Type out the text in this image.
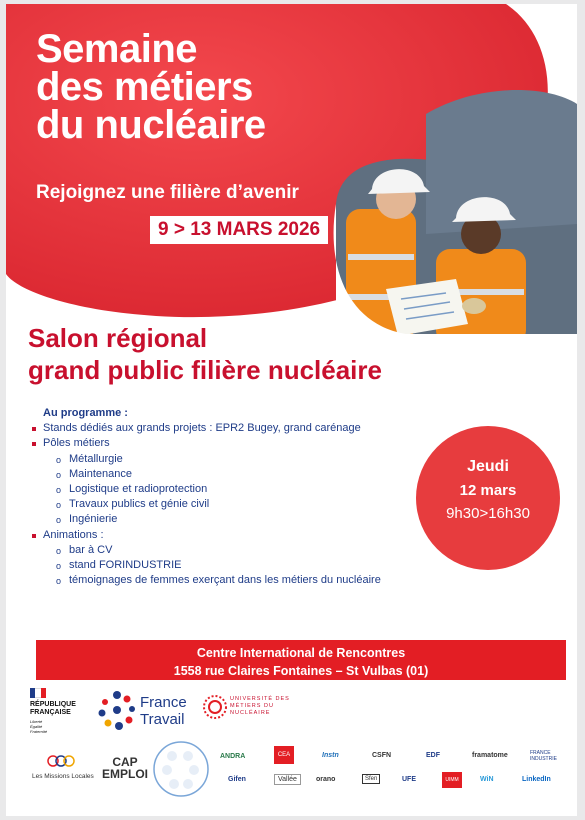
Semaine
des métiers
du nucléaire
Rejoignez une filière d’avenir
9 > 13 MARS 2026
Salon régional
grand public filière nucléaire
Au programme :
Stands dédiés aux grands projets : EPR2 Bugey, grand carénage
Pôles métiers
o Métallurgie
o Maintenance
o Logistique et radioprotection
o Travaux publics et génie civil
o Ingénierie
Animations :
o bar à CV
o stand FORINDUSTRIE
o témoignages de femmes exerçant dans les métiers du nucléaire
Jeudi
12 mars
9h30>16h30
Centre International de Rencontres
1558 rue Claires Fontaines – St Vulbas (01)
RÉPUBLIQUE
FRANÇAISE
Liberté
Égalité
Fraternité
France
Travail
UNIVERSITÉ DES
MÉTIERS DU
NUCLÉAIRE
Les Missions Locales
CAP
EMPLOI
ANDRA	CEA	Instn	CSFN	EDF	framatome	FRANCE INDUSTRIE
Gifen	Vallée	orano	Sfen	UFE	UIMM	WiN	LinkedIn
